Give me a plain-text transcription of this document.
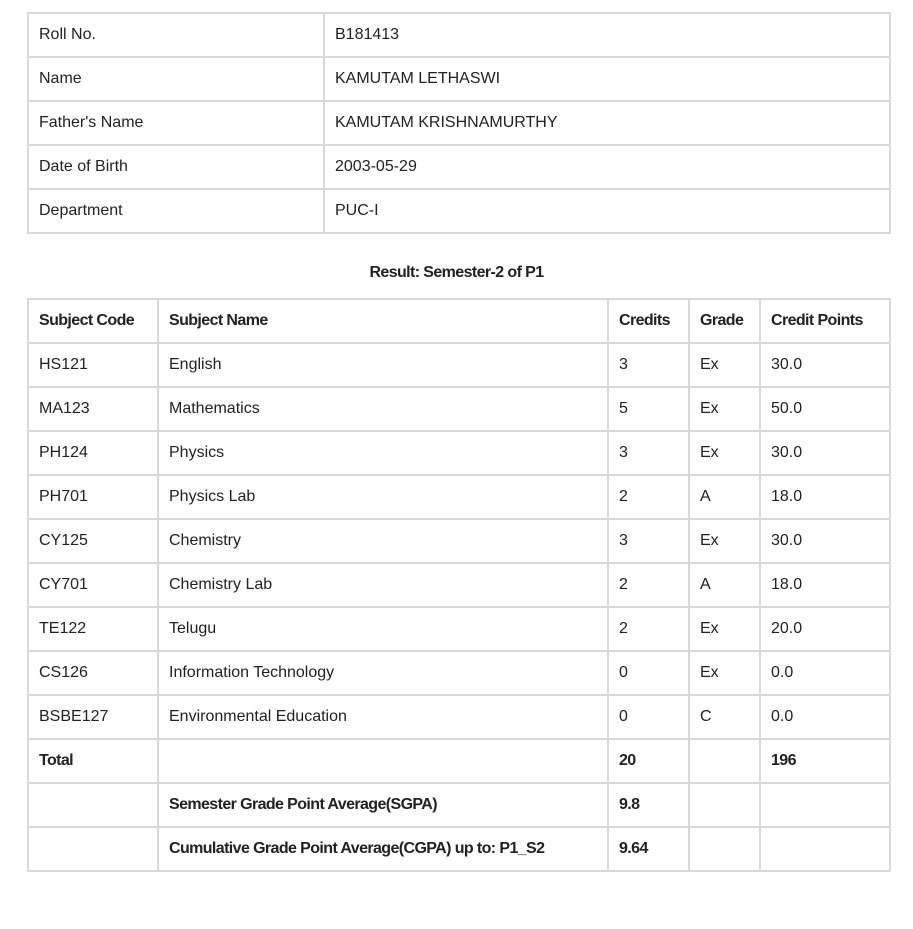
Roll No.	B181413
Name	KAMUTAM LETHASWI
Father's Name	KAMUTAM KRISHNAMURTHY
Date of Birth	2003-05-29
Department	PUC-I
Result: Semester-2 of P1
Subject Code	Subject Name	Credits	Grade	Credit Points
HS121	English	3	Ex	30.0
MA123	Mathematics	5	Ex	50.0
PH124	Physics	3	Ex	30.0
PH701	Physics Lab	2	A	18.0
CY125	Chemistry	3	Ex	30.0
CY701	Chemistry Lab	2	A	18.0
TE122	Telugu	2	Ex	20.0
CS126	Information Technology	0	Ex	0.0
BSBE127	Environmental Education	0	C	0.0
Total		20		196
	Semester Grade Point Average(SGPA)	9.8		
	Cumulative Grade Point Average(CGPA) up to: P1_S2	9.64		
